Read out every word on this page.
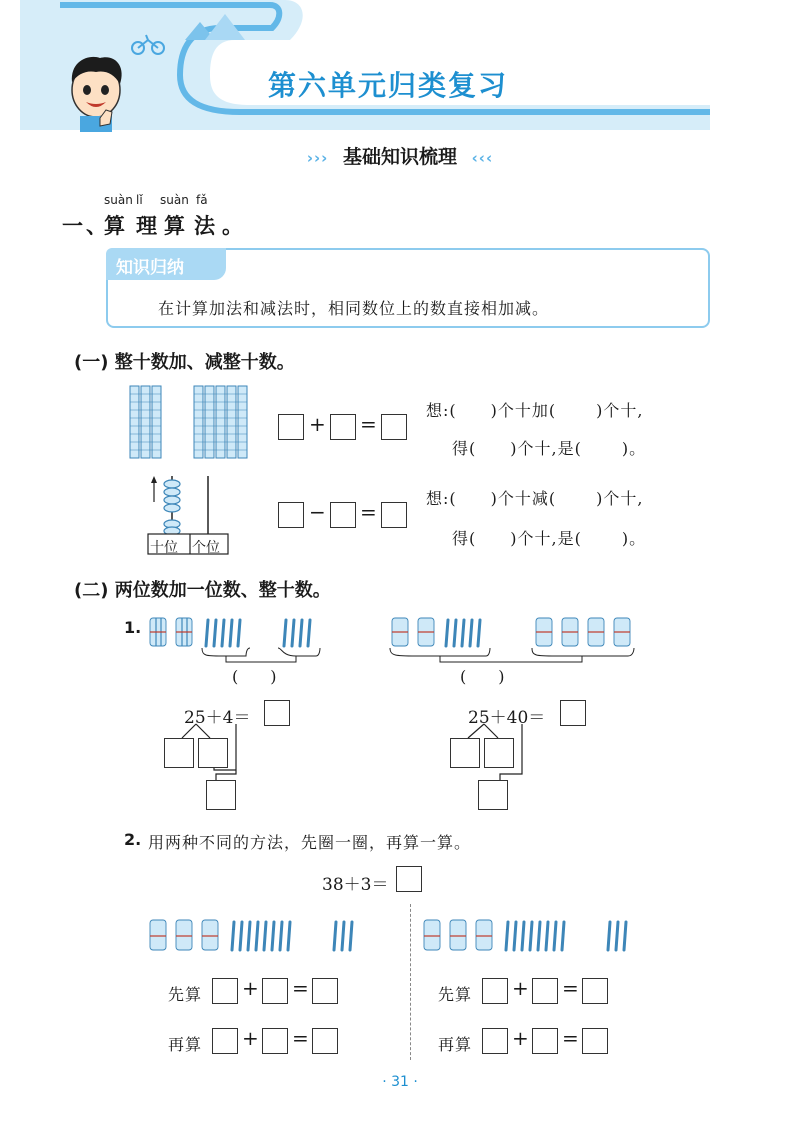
第六单元归类复习
››› 基础知识梳理 ‹‹‹
suàn lǐ suàn fǎ
一、
算 理 算 法 。
知识归纳
在计算加法和减法时，相同数位上的数直接相加减。
(一) 整十数加、减整十数。
+ =
想:( )个十加(	)个十,
得( )个十,是(	)。
十位 个位
− =
想:( )个十减(	)个十,
得( )个十,是(	)。
(二) 两位数加一位数、整十数。
1.
(　　)	(　　)
25＋4＝	25＋40＝
2. 用两种不同的方法，先圈一圈，再算一算。
38＋3＝
先算 + =
再算 + =
先算 + =
再算 + =
· 31 ·
